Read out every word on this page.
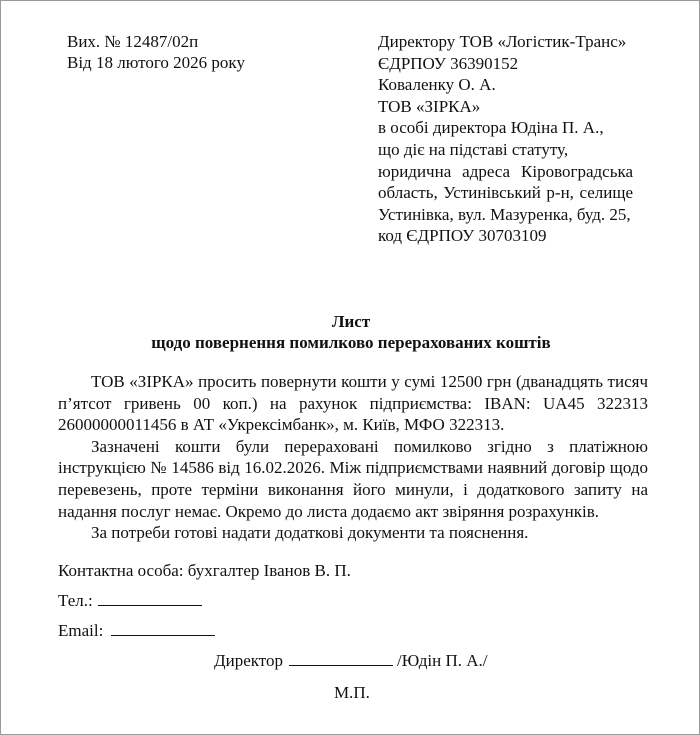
Вих. № 12487/02п
Від 18 лютого 2026 року
Директору ТОВ «Логістик-Транс»
ЄДРПОУ 36390152
Коваленку О. А.
ТОВ «ЗІРКА»
в особі директора Юдіна П. А.,
що діє на підставі статуту,
юридична адреса Кіровоградська
область, Устинівський р-н, селище
Устинівка, вул. Мазуренка, буд. 25,
код ЄДРПОУ 30703109
Лист
щодо повернення помилково перерахованих коштів
ТОВ «ЗІРКА» просить повернути кошти у сумі 12500 грн (дванадцять тисяч
п’ятсот гривень 00 коп.) на рахунок підприємства: IBAN: UA45 322313
26000000011456 в АТ «Укрексімбанк», м. Київ, МФО 322313.
Зазначені кошти були перераховані помилково згідно з платіжною
інструкцією № 14586 від 16.02.2026. Між підприємствами наявний договір щодо
перевезень, проте терміни виконання його минули, і додаткового запиту на
надання послуг немає. Окремо до листа додаємо акт звіряння розрахунків.
За потреби готові надати додаткові документи та пояснення.
Контактна особа: бухгалтер Іванов В. П.
Тел.:
Email:
Директор	/Юдін П. А./
М.П.
